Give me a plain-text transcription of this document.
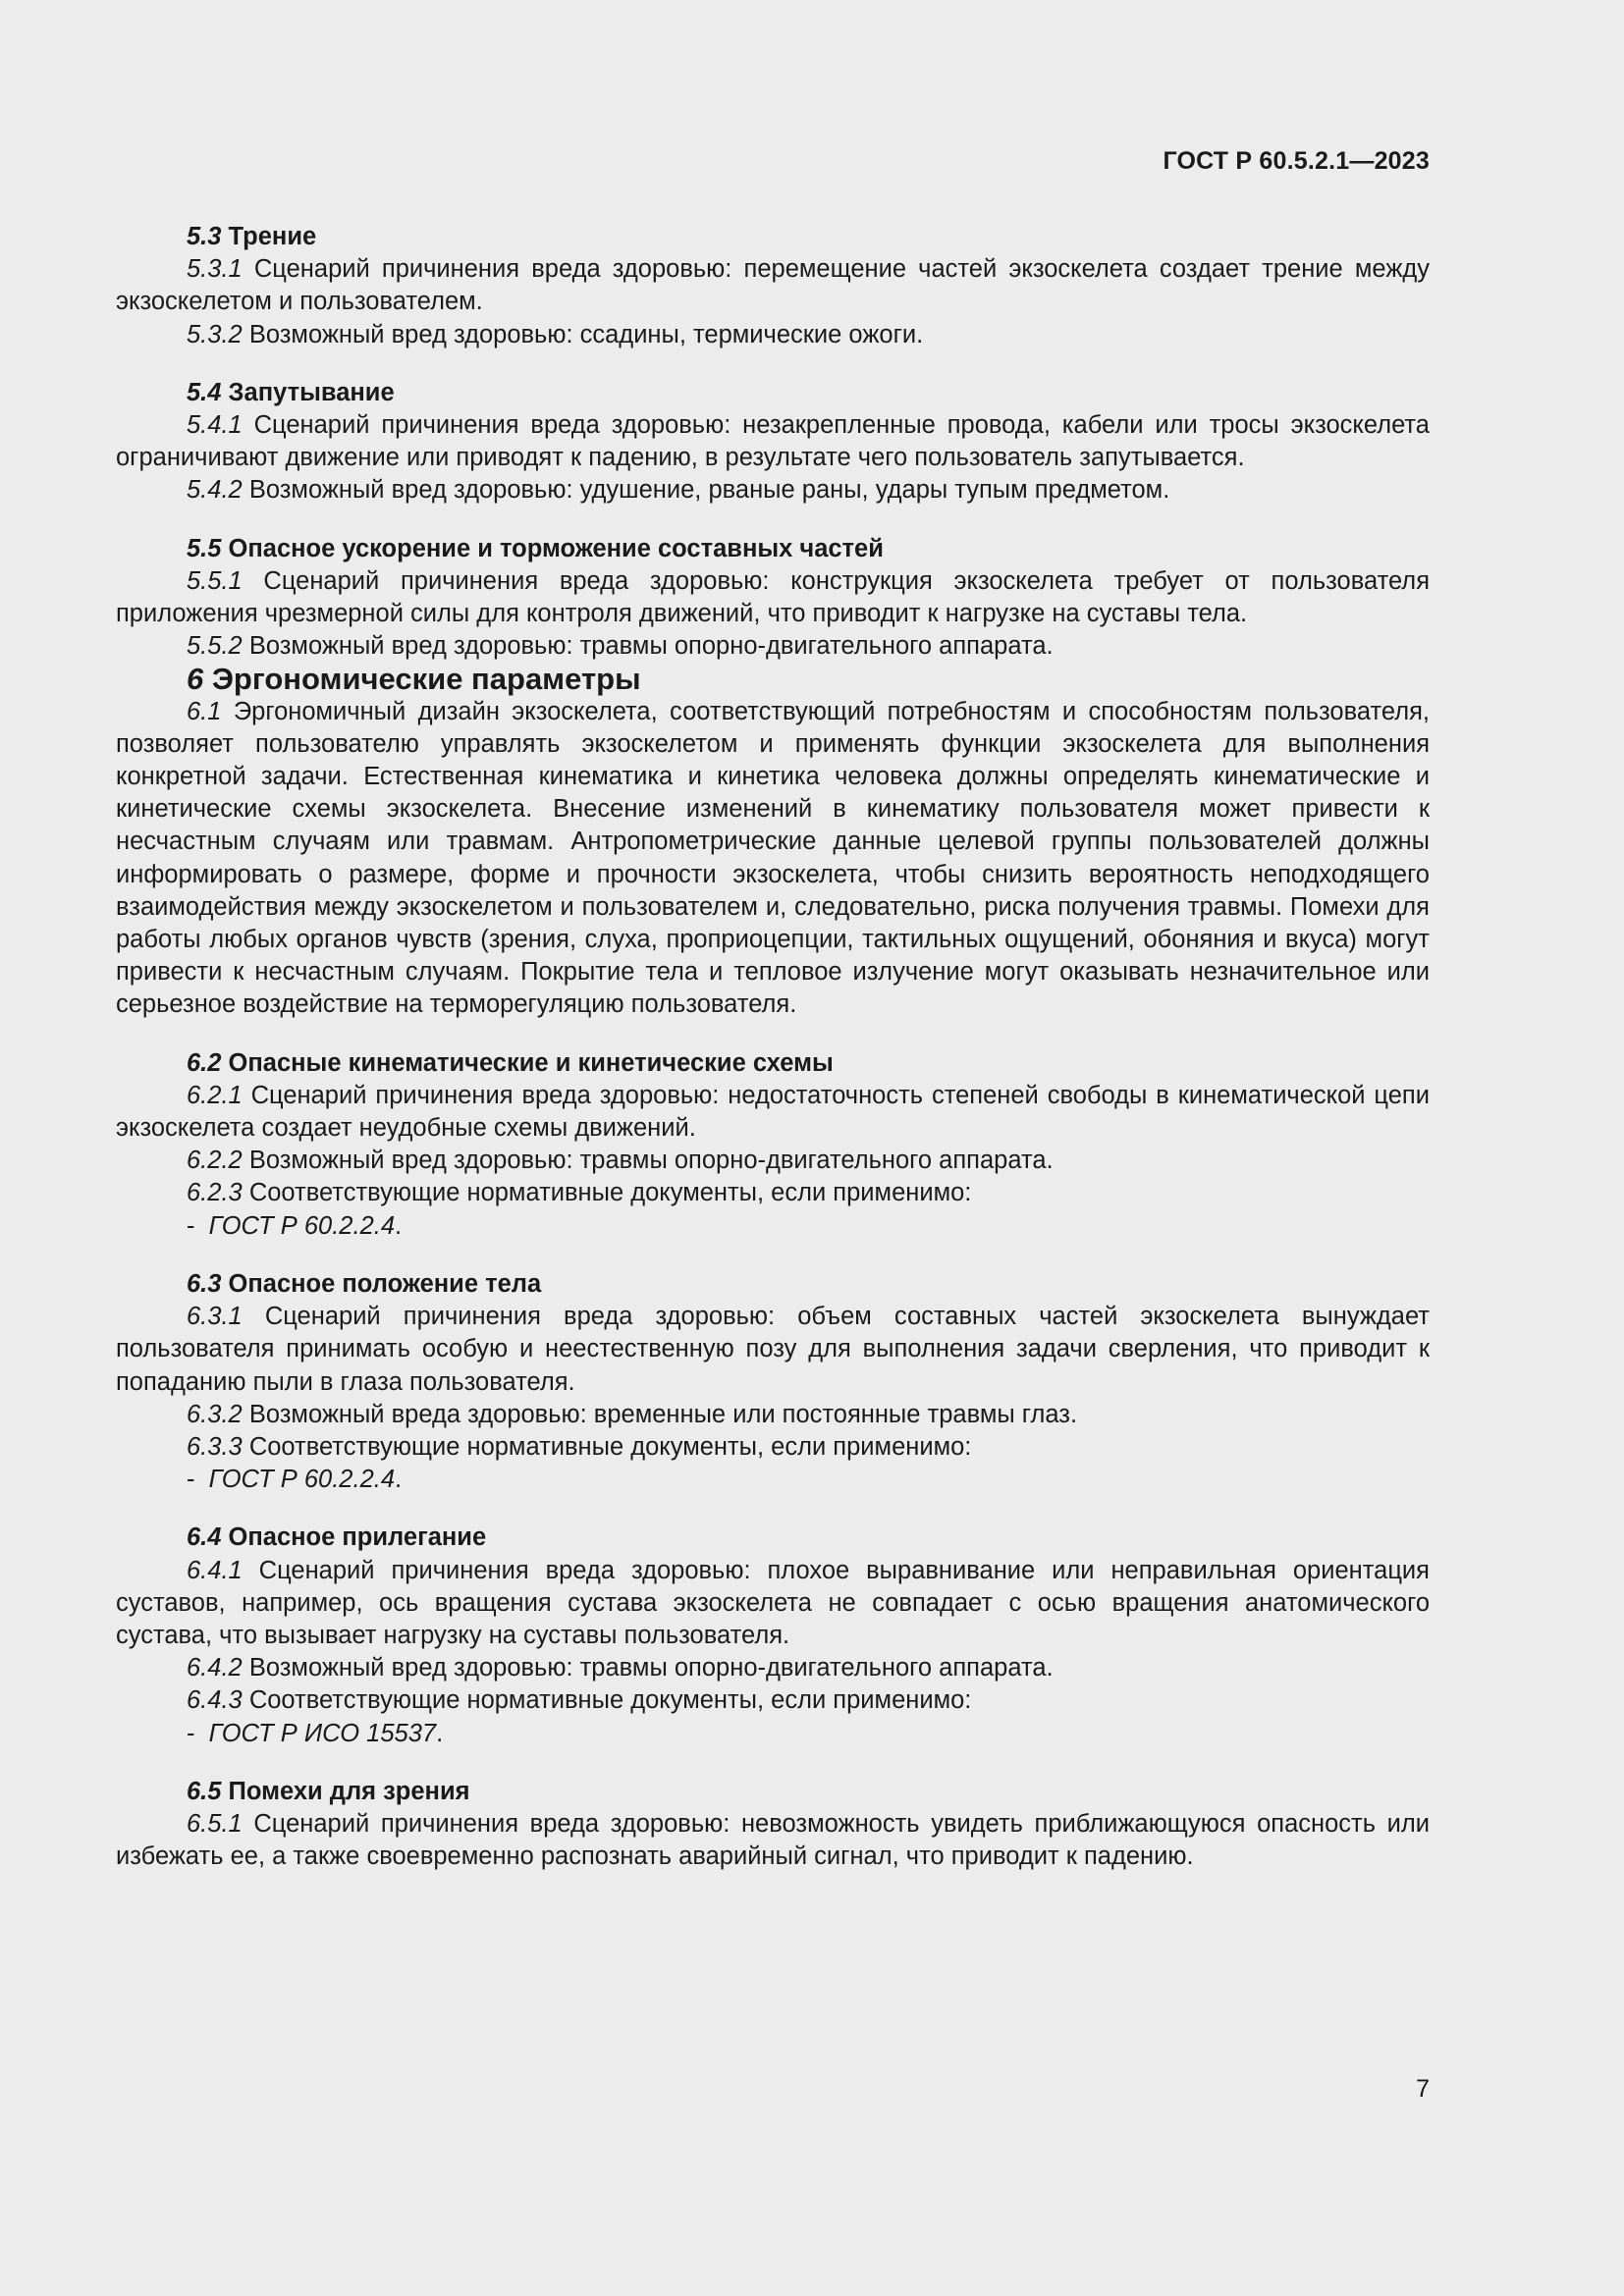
ГОСТ Р 60.5.2.1—2023

5.3 Трение

5.3.1 Сценарий причинения вреда здоровью: перемещение частей экзоскелета создает трение между экзоскелетом и пользователем.

5.3.2 Возможный вред здоровью: ссадины, термические ожоги.

5.4 Запутывание

5.4.1 Сценарий причинения вреда здоровью: незакрепленные провода, кабели или тросы экзоскелета ограничивают движение или приводят к падению, в результате чего пользователь запутывается.

5.4.2 Возможный вред здоровью: удушение, рваные раны, удары тупым предметом.

5.5 Опасное ускорение и торможение составных частей

5.5.1 Сценарий причинения вреда здоровью: конструкция экзоскелета требует от пользователя приложения чрезмерной силы для контроля движений, что приводит к нагрузке на суставы тела.

5.5.2 Возможный вред здоровью: травмы опорно-двигательного аппарата.

6 Эргономические параметры

6.1 Эргономичный дизайн экзоскелета, соответствующий потребностям и способностям пользователя, позволяет пользователю управлять экзоскелетом и применять функции экзоскелета для выполнения конкретной задачи. Естественная кинематика и кинетика человека должны определять кинематические и кинетические схемы экзоскелета. Внесение изменений в кинематику пользователя может привести к несчастным случаям или травмам. Антропометрические данные целевой группы пользователей должны информировать о размере, форме и прочности экзоскелета, чтобы снизить вероятность неподходящего взаимодействия между экзоскелетом и пользователем и, следовательно, риска получения травмы. Помехи для работы любых органов чувств (зрения, слуха, проприоцепции, тактильных ощущений, обоняния и вкуса) могут привести к несчастным случаям. Покрытие тела и тепловое излучение могут оказывать незначительное или серьезное воздействие на терморегуляцию пользователя.

6.2 Опасные кинематические и кинетические схемы

6.2.1 Сценарий причинения вреда здоровью: недостаточность степеней свободы в кинематической цепи экзоскелета создает неудобные схемы движений.

6.2.2 Возможный вред здоровью: травмы опорно-двигательного аппарата.

6.2.3 Соответствующие нормативные документы, если применимо:

- ГОСТ Р 60.2.2.4.

6.3 Опасное положение тела

6.3.1 Сценарий причинения вреда здоровью: объем составных частей экзоскелета вынуждает пользователя принимать особую и неестественную позу для выполнения задачи сверления, что приводит к попаданию пыли в глаза пользователя.

6.3.2 Возможный вреда здоровью: временные или постоянные травмы глаз.

6.3.3 Соответствующие нормативные документы, если применимо:

- ГОСТ Р 60.2.2.4.

6.4 Опасное прилегание

6.4.1 Сценарий причинения вреда здоровью: плохое выравнивание или неправильная ориентация суставов, например, ось вращения сустава экзоскелета не совпадает с осью вращения анатомического сустава, что вызывает нагрузку на суставы пользователя.

6.4.2 Возможный вред здоровью: травмы опорно-двигательного аппарата.

6.4.3 Соответствующие нормативные документы, если применимо:

- ГОСТ Р ИСО 15537.

6.5 Помехи для зрения

6.5.1 Сценарий причинения вреда здоровью: невозможность увидеть приближающуюся опасность или избежать ее, а также своевременно распознать аварийный сигнал, что приводит к падению.

7
